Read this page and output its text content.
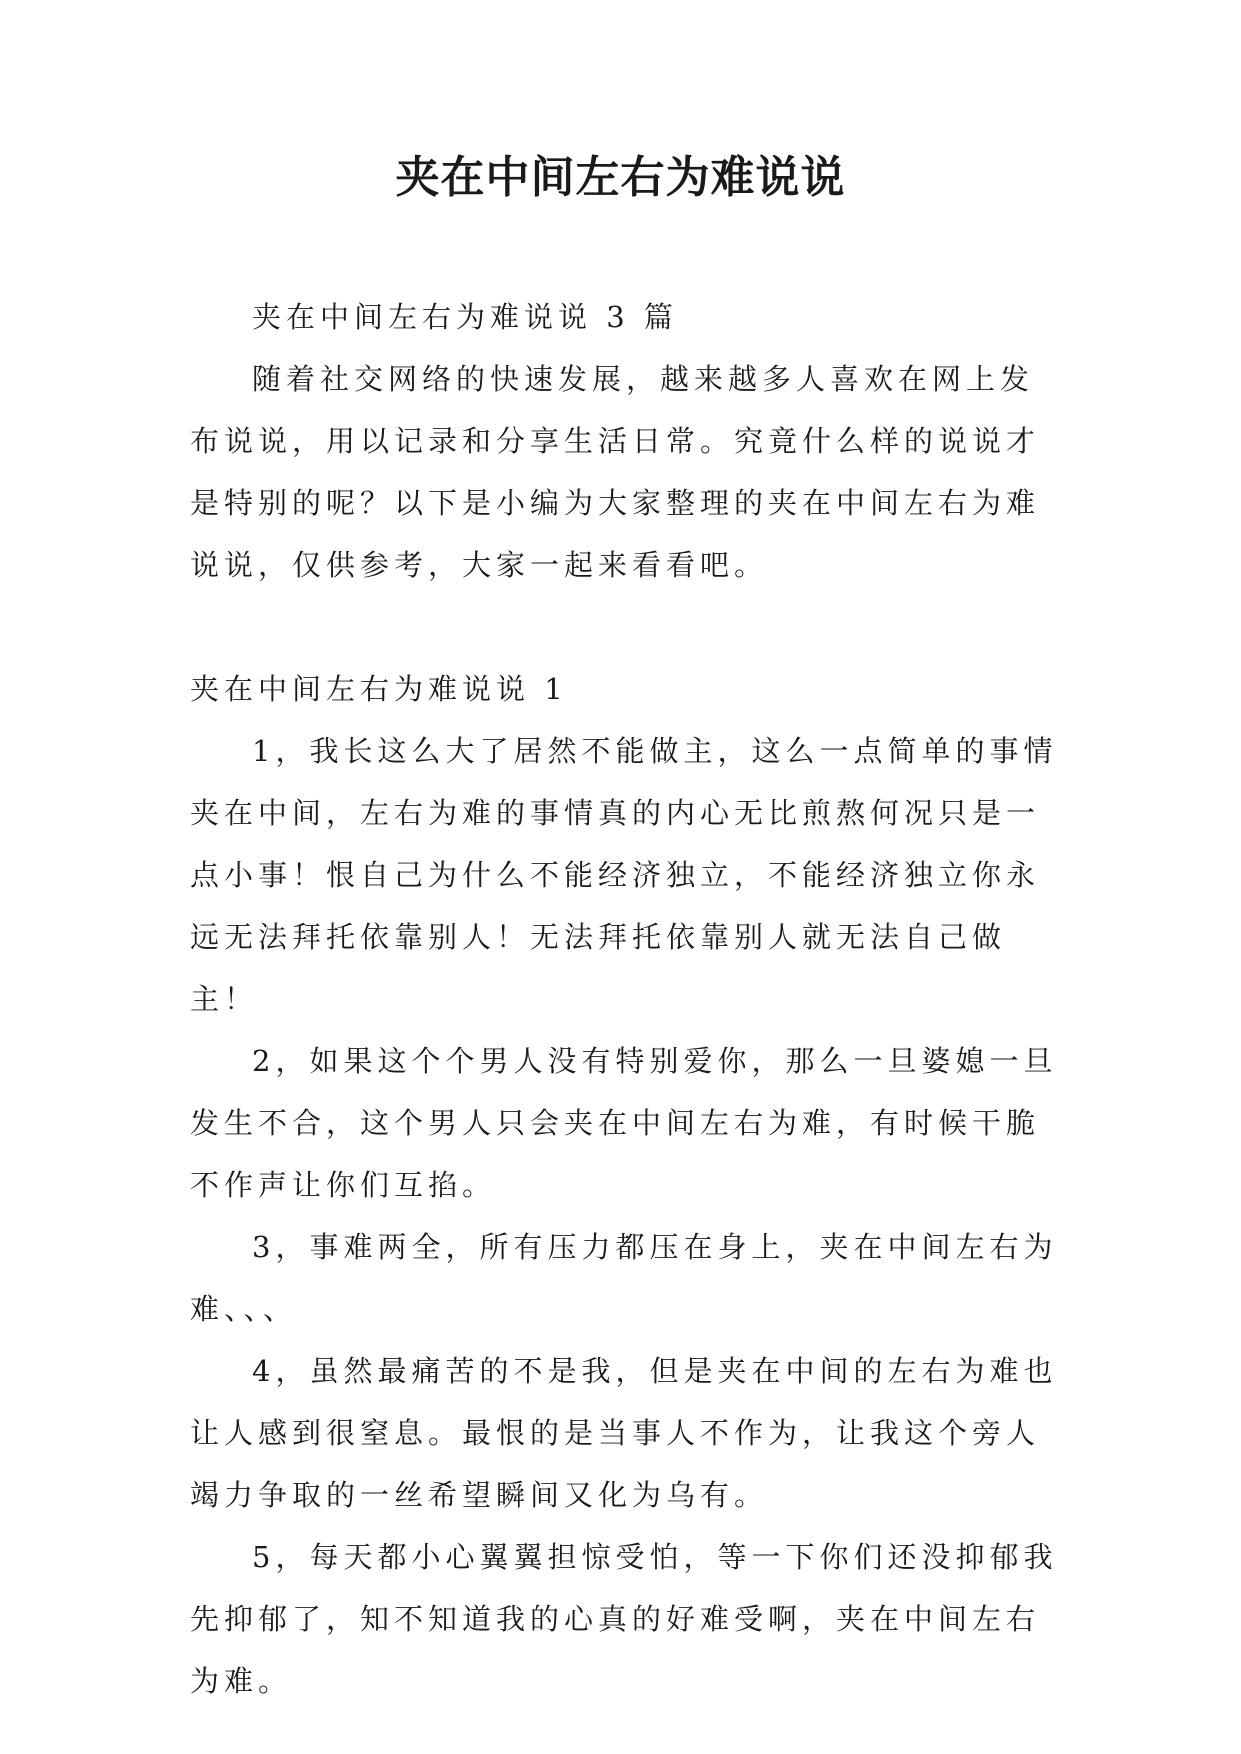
夹在中间左右为难说说

夹在中间左右为难说说 3 篇

随着社交网络的快速发展，越来越多人喜欢在网上发布说说，用以记录和分享生活日常。究竟什么样的说说才是特别的呢？以下是小编为大家整理的夹在中间左右为难说说，仅供参考，大家一起来看看吧。

夹在中间左右为难说说 1

1，我长这么大了居然不能做主，这么一点简单的事情夹在中间，左右为难的事情真的内心无比煎熬何况只是一点小事！恨自己为什么不能经济独立，不能经济独立你永远无法拜托依靠别人！无法拜托依靠别人就无法自己做主！

2，如果这个个男人没有特别爱你，那么一旦婆媳一旦发生不合，这个男人只会夹在中间左右为难，有时候干脆不作声让你们互掐。

3，事难两全，所有压力都压在身上，夹在中间左右为难、、、

4，虽然最痛苦的不是我，但是夹在中间的左右为难也让人感到很窒息。最恨的是当事人不作为，让我这个旁人竭力争取的一丝希望瞬间又化为乌有。

5，每天都小心翼翼担惊受怕，等一下你们还没抑郁我先抑郁了，知不知道我的心真的好难受啊，夹在中间左右为难。
